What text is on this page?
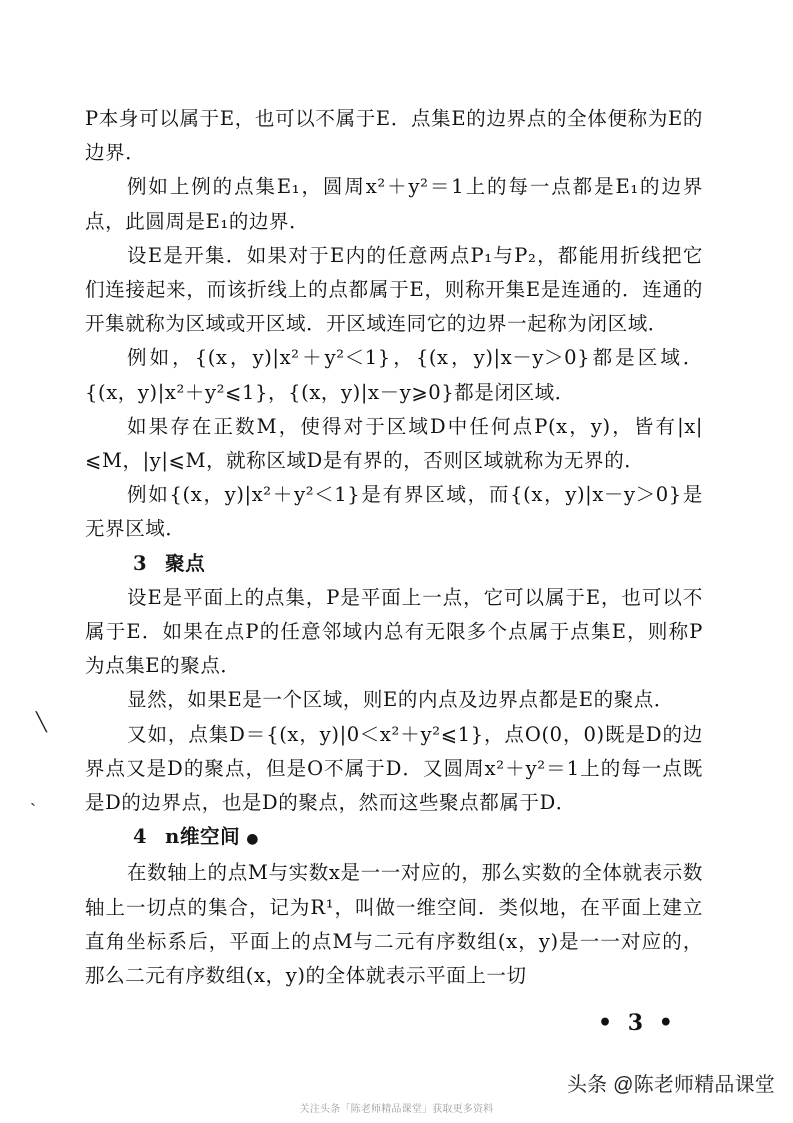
P本身可以属于E，也可以不属于E．点集E的边界点的全体便称为E的边界．

例如上例的点集E₁，圆周x²＋y²＝1上的每一点都是E₁的边界点，此圆周是E₁的边界．

设E是开集．如果对于E内的任意两点P₁与P₂，都能用折线把它们连接起来，而该折线上的点都属于E，则称开集E是连通的．连通的开集就称为区域或开区域．开区域连同它的边界一起称为闭区域．

例如，{(x，y)|x²＋y²＜1}，{(x，y)|x－y＞0}都是区域．{(x，y)|x²＋y²⩽1}，{(x，y)|x－y⩾0}都是闭区域．

如果存在正数M，使得对于区域D中任何点P(x，y)，皆有|x|⩽M，|y|⩽M，就称区域D是有界的，否则区域就称为无界的．

例如{(x，y)|x²＋y²＜1}是有界区域，而{(x，y)|x－y＞0}是无界区域．

3 聚点

设E是平面上的点集，P是平面上一点，它可以属于E，也可以不属于E．如果在点P的任意邻域内总有无限多个点属于点集E，则称P为点集E的聚点．

显然，如果E是一个区域，则E的内点及边界点都是E的聚点．

又如，点集D＝{(x，y)|0＜x²＋y²⩽1}，点O(0，0)既是D的边界点又是D的聚点，但是O不属于D．又圆周x²＋y²＝1上的每一点既是D的边界点，也是D的聚点，然而这些聚点都属于D．

4 n维空间 ●

在数轴上的点M与实数x是一一对应的，那么实数的全体就表示数轴上一切点的集合，记为R¹，叫做一维空间．类似地，在平面上建立直角坐标系后，平面上的点M与二元有序数组(x，y)是一一对应的，那么二元有序数组(x，y)的全体就表示平面上一切

╲
ˏ
• 3 •
头条 @陈老师精品课堂
关注头条「陈老师精品课堂」获取更多资料
